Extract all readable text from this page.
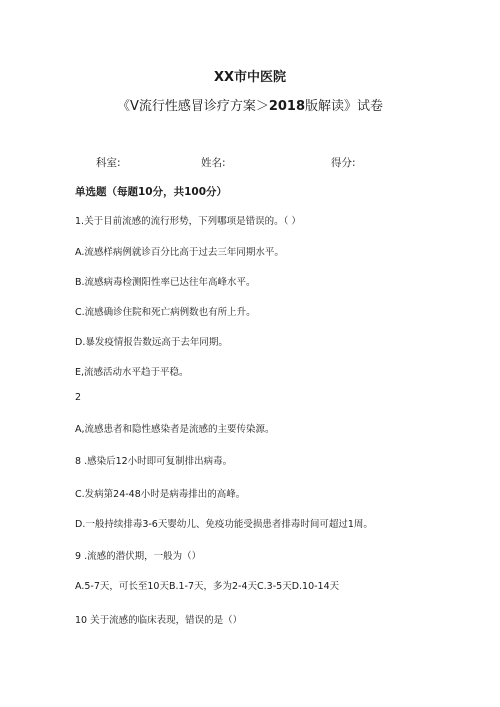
XX市中医院
《V流行性感冒诊疗方案＞2018版解读》试卷
科室:	姓名:	得分:
单选题（每题10分，共100分）
1.关于目前流感的流行形势，下列哪项是错误的。（ ）
A.流感样病例就诊百分比高于过去三年同期水平。
B.流感病毒检测阳性率已达往年高峰水平。
C.流感确诊住院和死亡病例数也有所上升。
D.暴发疫情报告数远高于去年同期。
E,流感活动水平趋于平稳。
2
A,流感患者和隐性感染者是流感的主要传染源。
8 .感染后12小时即可复制排出病毒。
C.发病第24-48小时是病毒排出的高峰。
D.一般持续排毒3-6天婴幼儿、免疫功能受损患者排毒时间可超过1周。
9 .流感的潜伏期，一般为（）
A.5-7天，可长至10天B.1-7天，多为2-4天C.3-5天D.10-14天
10 关于流感的临床表现，错误的是（）
